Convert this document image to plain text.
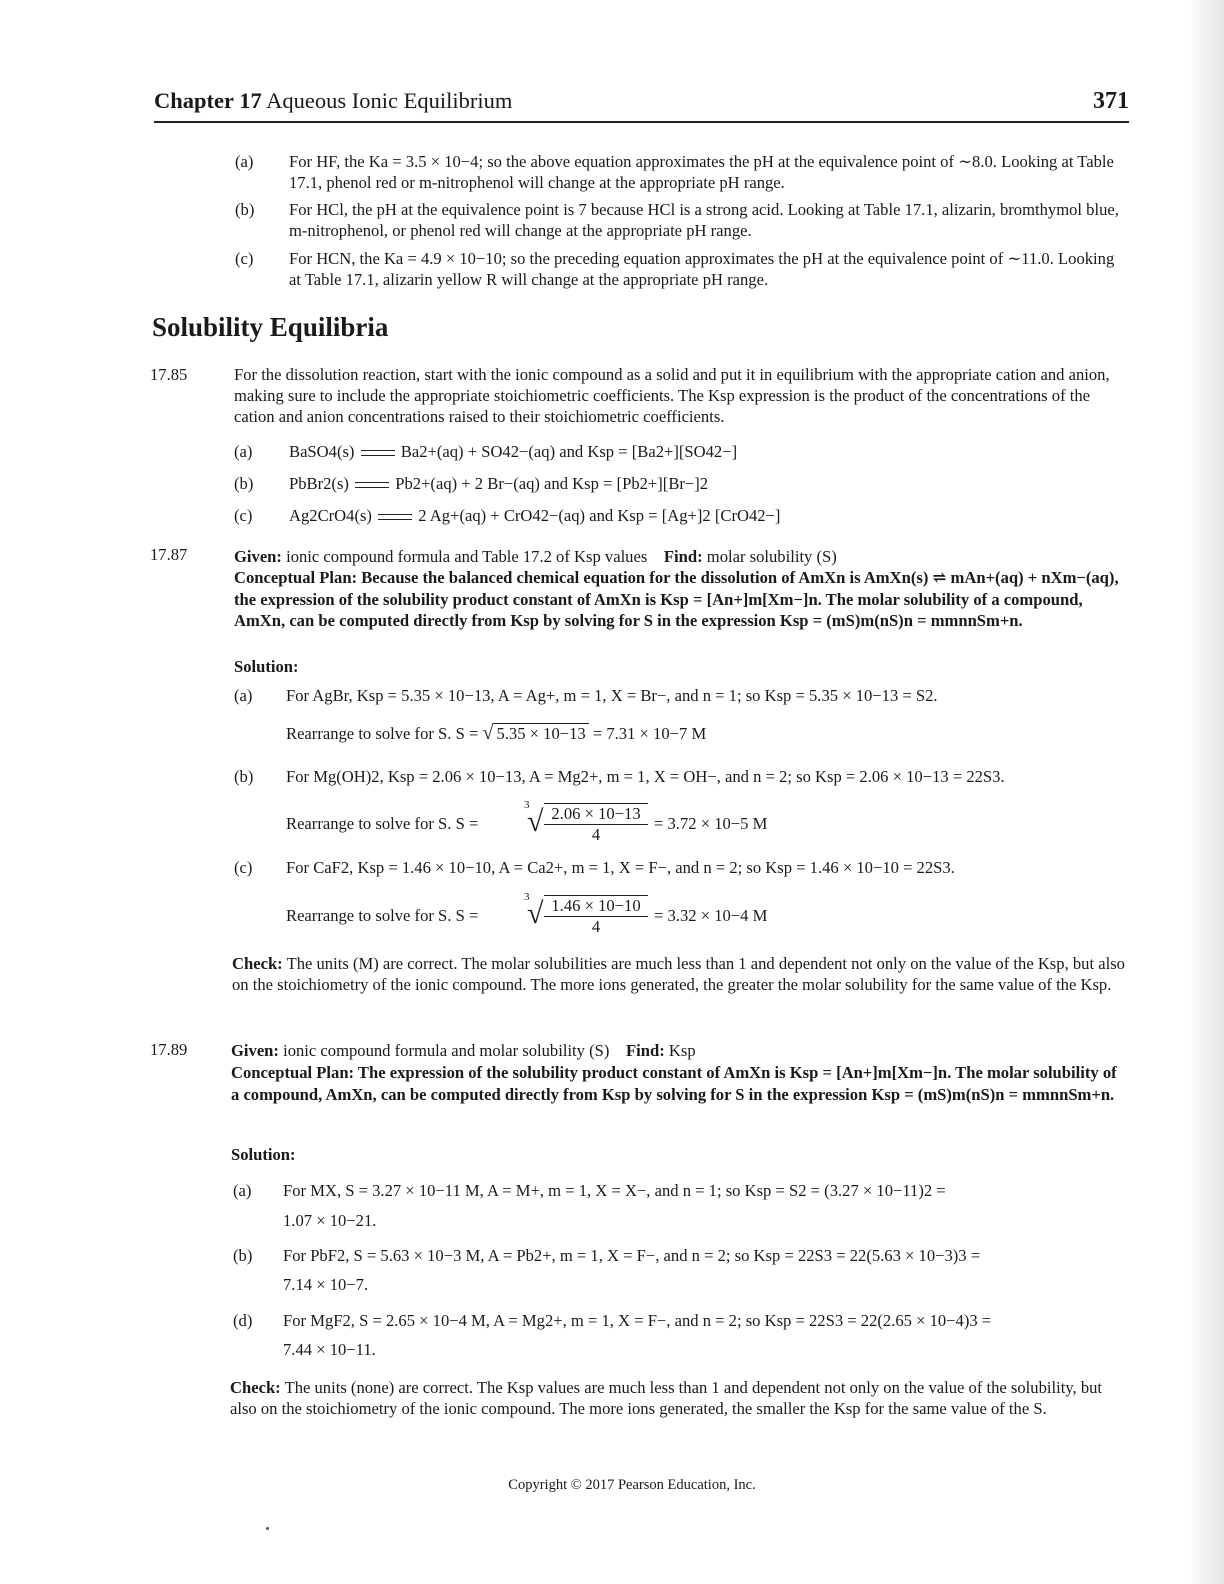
Chapter 17 Aqueous Ionic Equilibrium	371
(a) For HF, the Ka = 3.5 × 10−4; so the above equation approximates the pH at the equivalence point of ∼8.0. Looking at Table 17.1, phenol red or m-nitrophenol will change at the appropriate pH range.
(b) For HCl, the pH at the equivalence point is 7 because HCl is a strong acid. Looking at Table 17.1, alizarin, bromthymol blue, m-nitrophenol, or phenol red will change at the appropriate pH range.
(c) For HCN, the Ka = 4.9 × 10−10; so the preceding equation approximates the pH at the equivalence point of ∼11.0. Looking at Table 17.1, alizarin yellow R will change at the appropriate pH range.
Solubility Equilibria
17.85	For the dissolution reaction, start with the ionic compound as a solid and put it in equilibrium with the appropriate cation and anion, making sure to include the appropriate stoichiometric coefficients. The Ksp expression is the product of the concentrations of the cation and anion concentrations raised to their stoichiometric coefficients.
(a) BaSO4(s)	Ba2+(aq) + SO42−(aq) and Ksp = [Ba2+][SO42−]
(b) PbBr2(s)	Pb2+(aq) + 2 Br−(aq) and Ksp = [Pb2+][Br−]2
(c) Ag2CrO4(s)	2 Ag+(aq) + CrO42−(aq) and Ksp = [Ag+]2 [CrO42−]
17.87	Given: ionic compound formula and Table 17.2 of Ksp values Find: molar solubility (S)
Conceptual Plan: Because the balanced chemical equation for the dissolution of AmXn is AmXn(s) ⇌ mAn+(aq) + nXm−(aq), the expression of the solubility product constant of AmXn is Ksp = [An+]m[Xm−]n. The molar solubility of a compound, AmXn, can be computed directly from Ksp by solving for S in the expression Ksp = (mS)m(nS)n = mmnnSm+n.
Solution:
(a) For AgBr, Ksp = 5.35 × 10−13, A = Ag+, m = 1, X = Br−, and n = 1; so Ksp = 5.35 × 10−13 = S2.
Rearrange to solve for S. S = √ 5.35 × 10−13 = 7.31 × 10−7 M
(b) For Mg(OH)2, Ksp = 2.06 × 10−13, A = Mg2+, m = 1, X = OH−, and n = 2; so Ksp = 2.06 × 10−13 = 22S3.
Rearrange to solve for S. S =
3
√ 2.06 × 10−13
4
= 3.72 × 10−5 M
(c) For CaF2, Ksp = 1.46 × 10−10, A = Ca2+, m = 1, X = F−, and n = 2; so Ksp = 1.46 × 10−10 = 22S3.
Rearrange to solve for S. S =
3
√ 1.46 × 10−10
4
= 3.32 × 10−4 M
Check: The units (M) are correct. The molar solubilities are much less than 1 and dependent not only on the value of the Ksp, but also on the stoichiometry of the ionic compound. The more ions generated, the greater the molar solubility for the same value of the Ksp.
17.89	Given: ionic compound formula and molar solubility (S) Find: Ksp
Conceptual Plan: The expression of the solubility product constant of AmXn is Ksp = [An+]m[Xm−]n. The molar solubility of a compound, AmXn, can be computed directly from Ksp by solving for S in the expression Ksp = (mS)m(nS)n = mmnnSm+n.
Solution:
(a) For MX, S = 3.27 × 10−11 M, A = M+, m = 1, X = X−, and n = 1; so Ksp = S2 = (3.27 × 10−11)2 =
1.07 × 10−21.
(b) For PbF2, S = 5.63 × 10−3 M, A = Pb2+, m = 1, X = F−, and n = 2; so Ksp = 22S3 = 22(5.63 × 10−3)3 =
7.14 × 10−7.
(d) For MgF2, S = 2.65 × 10−4 M, A = Mg2+, m = 1, X = F−, and n = 2; so Ksp = 22S3 = 22(2.65 × 10−4)3 =
7.44 × 10−11.
Check: The units (none) are correct. The Ksp values are much less than 1 and dependent not only on the value of the solubility, but also on the stoichiometry of the ionic compound. The more ions generated, the smaller the Ksp for the same value of the S.
Copyright © 2017 Pearson Education, Inc.
